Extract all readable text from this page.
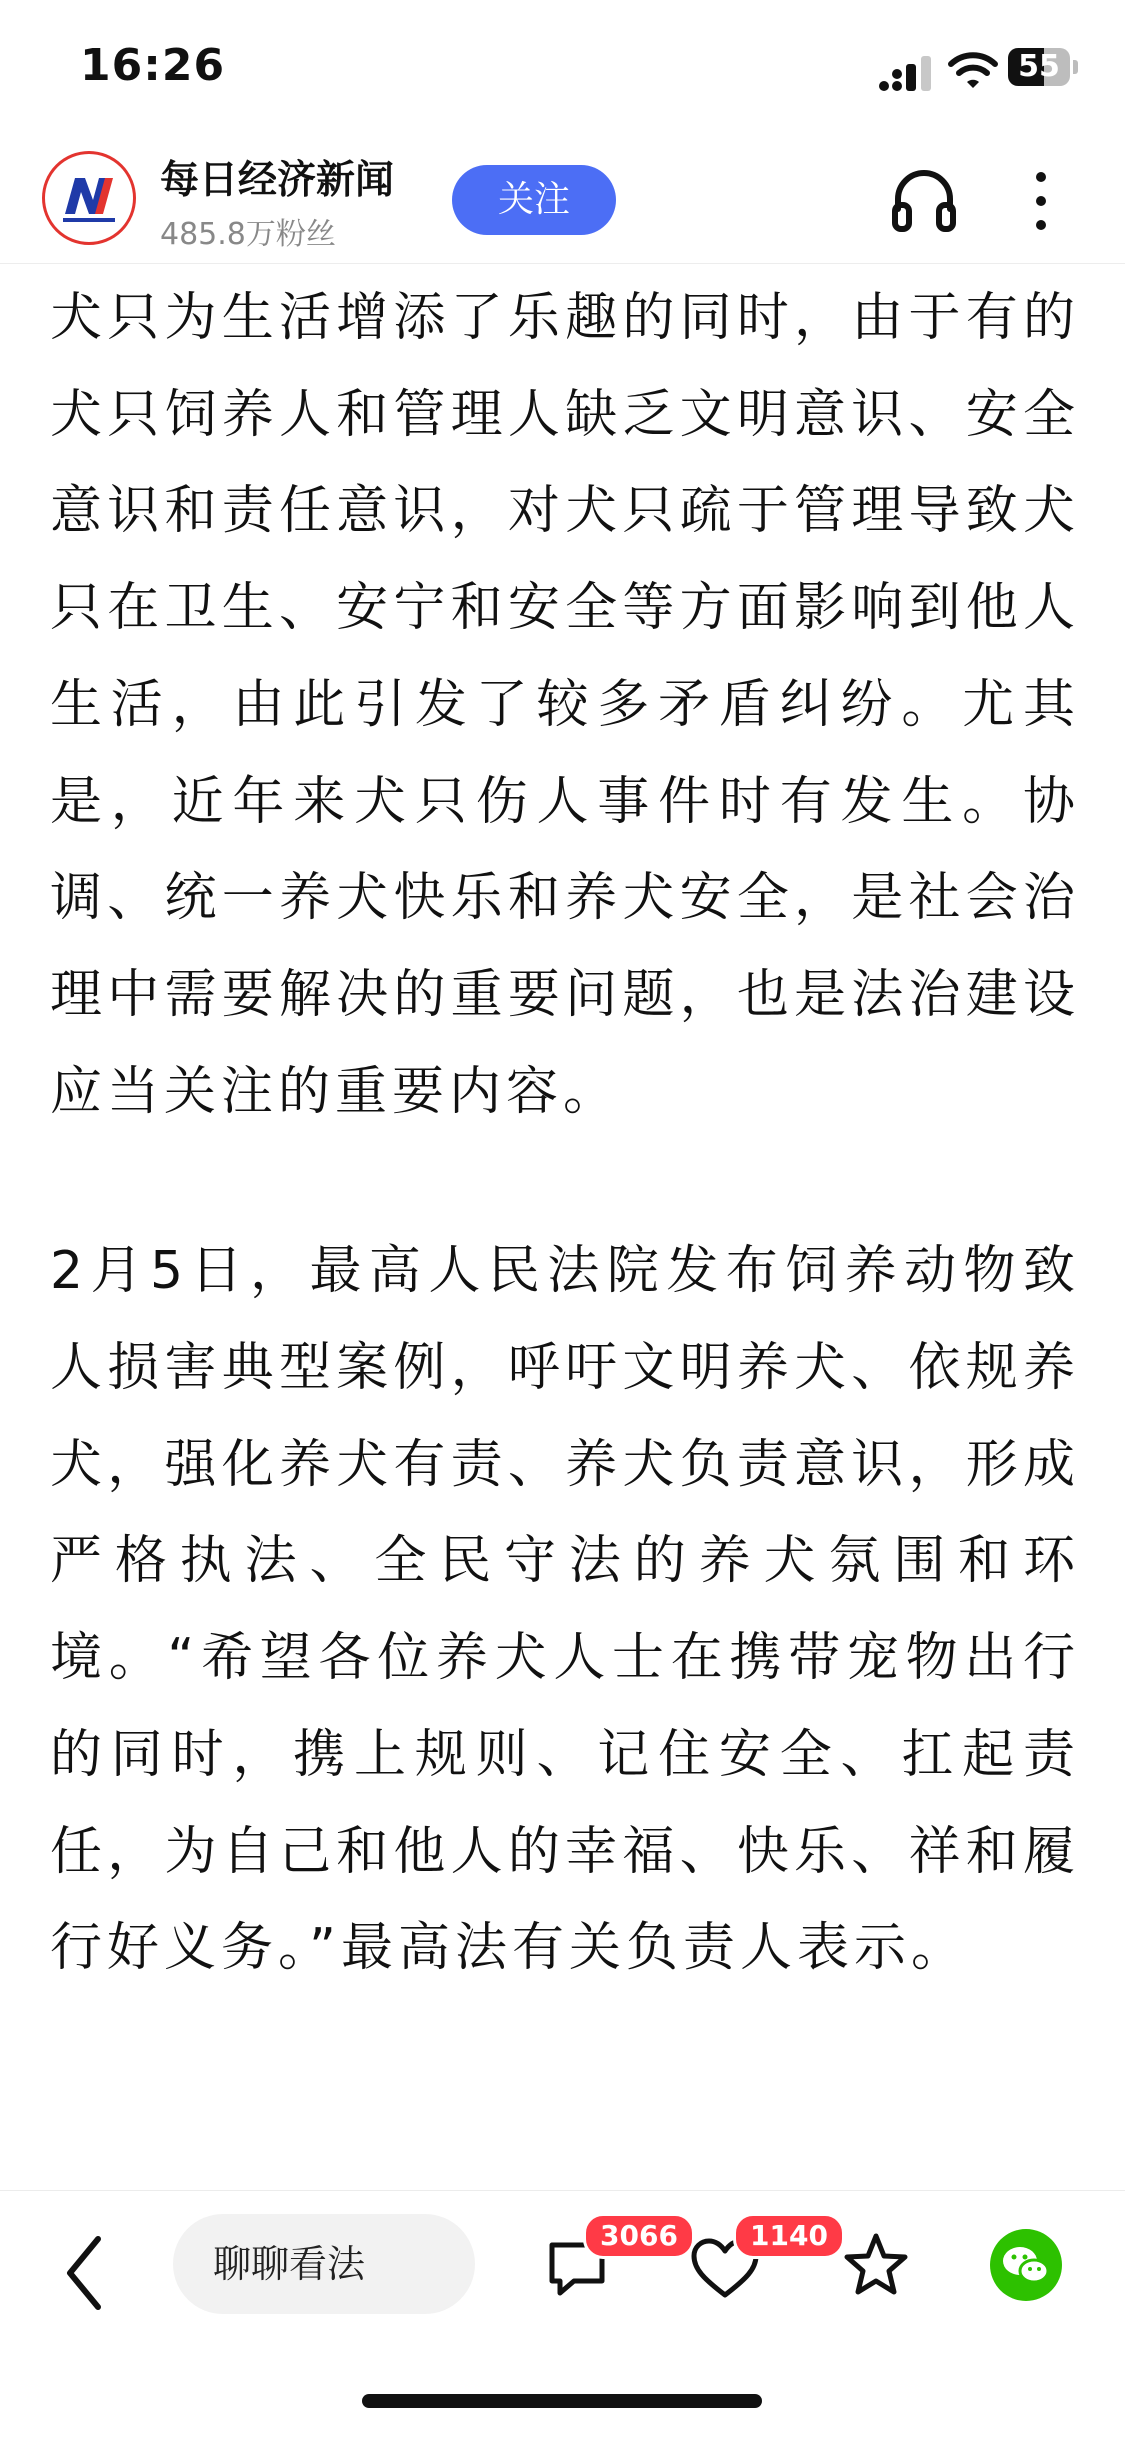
16:26	55
每日经济新闻
485.8万粉丝
关注

犬只为生活增添了乐趣的同时，由于有的犬只饲养人和管理人缺乏文明意识、安全意识和责任意识，对犬只疏于管理导致犬只在卫生、安宁和安全等方面影响到他人生活，由此引发了较多矛盾纠纷。尤其是，近年来犬只伤人事件时有发生。协调、统一养犬快乐和养犬安全，是社会治理中需要解决的重要问题，也是法治建设应当关注的重要内容。

2月5日，最高人民法院发布饲养动物致人损害典型案例，呼吁文明养犬、依规养犬，强化养犬有责、养犬负责意识，形成严格执法、全民守法的养犬氛围和环境。“希望各位养犬人士在携带宠物出行的同时，携上规则、记住安全、扛起责任，为自己和他人的幸福、快乐、祥和履行好义务。”最高法有关负责人表示。

聊聊看法
3066	1140
